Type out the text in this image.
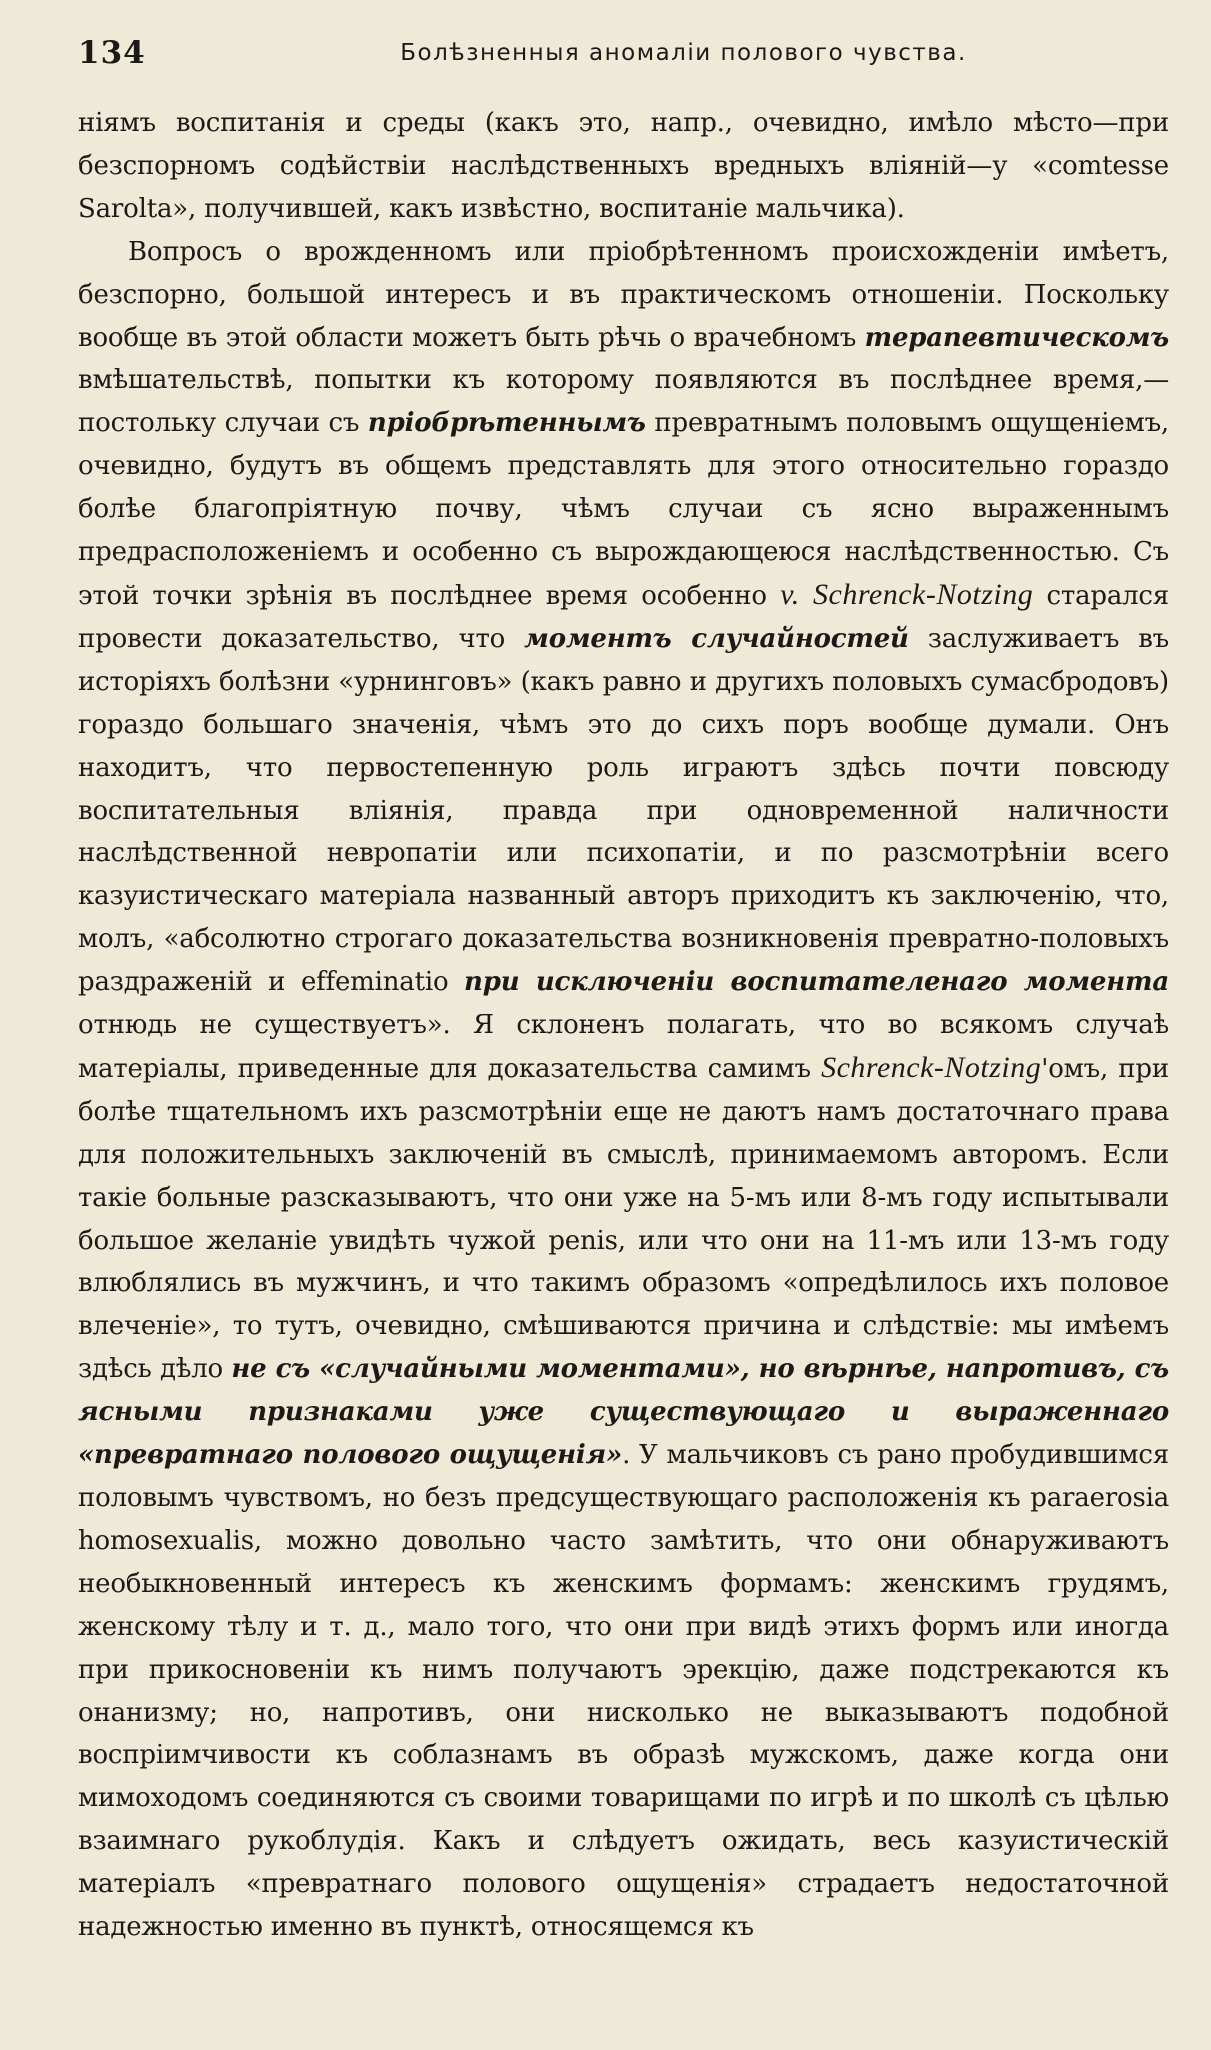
134	Болѣзненныя аномаліи полового чувства.

ніямъ воспитанія и среды (какъ это, напр., очевидно, имѣло мѣсто—при безспорномъ содѣйствіи наслѣдственныхъ вредныхъ вліяній—у «comtesse Sarolta», получившей, какъ извѣстно, воспитаніе мальчика).

Вопросъ о врожденномъ или пріобрѣтенномъ происхожденіи имѣетъ, безспорно, большой интересъ и въ практическомъ отношеніи. Поскольку вообще въ этой области можетъ быть рѣчь о врачебномъ терапевтическомъ вмѣшательствѣ, попытки къ которому появляются въ послѣднее время,—постольку случаи съ пріобрѣтеннымъ превратнымъ половымъ ощущеніемъ, очевидно, будутъ въ общемъ представлять для этого относительно гораздо болѣе благопріятную почву, чѣмъ случаи съ ясно выраженнымъ предрасположеніемъ и особенно съ вырождающеюся наслѣдственностью. Съ этой точки зрѣнія въ послѣднее время особенно v. Schrenck-Notzing старался провести доказательство, что моментъ случайностей заслуживаетъ въ исторіяхъ болѣзни «урнинговъ» (какъ равно и другихъ половыхъ сумасбродовъ) гораздо большаго значенія, чѣмъ это до сихъ поръ вообще думали. Онъ находитъ, что первостепенную роль играютъ здѣсь почти повсюду воспитательныя вліянія, правда при одновременной наличности наслѣдственной невропатіи или психопатіи, и по разсмотрѣніи всего казуистическаго матеріала названный авторъ приходитъ къ заключенію, что, молъ, «абсолютно строгаго доказательства возникновенія превратно-половыхъ раздраженій и effeminatio при исключеніи воспитателенаго момента отнюдь не существуетъ». Я склоненъ полагать, что во всякомъ случаѣ матеріалы, приведенные для доказательства самимъ Schrenck-Notzing'омъ, при болѣе тщательномъ ихъ разсмотрѣніи еще не даютъ намъ достаточнаго права для положительныхъ заключеній въ смыслѣ, принимаемомъ авторомъ. Если такіе больные разсказываютъ, что они уже на 5-мъ или 8-мъ году испытывали большое желаніе увидѣть чужой penis, или что они на 11-мъ или 13-мъ году влюблялись въ мужчинъ, и что такимъ образомъ «опредѣлилось ихъ половое влеченіе», то тутъ, очевидно, смѣшиваются причина и слѣдствіе: мы имѣемъ здѣсь дѣло не съ «случайными моментами», но вѣрнѣе, напротивъ, съ ясными признаками уже существующаго и выраженнаго «превратнаго полового ощущенія». У мальчиковъ съ рано пробудившимся половымъ чувствомъ, но безъ предсуществующаго расположенія къ paraerosia homosexualis, можно довольно часто замѣтить, что они обнаруживаютъ необыкновенный интересъ къ женскимъ формамъ: женскимъ грудямъ, женскому тѣлу и т. д., мало того, что они при видѣ этихъ формъ или иногда при прикосновеніи къ нимъ получаютъ эрекцію, даже подстрекаются къ онанизму; но, напротивъ, они нисколько не выказываютъ подобной воспріимчивости къ соблазнамъ въ образѣ мужскомъ, даже когда они мимоходомъ соединяются съ своими товарищами по игрѣ и по школѣ съ цѣлью взаимнаго рукоблудія. Какъ и слѣдуетъ ожидать, весь казуистическій матеріалъ «превратнаго полового ощущенія» страдаетъ недостаточной надежностью именно въ пунктѣ, относящемся къ
